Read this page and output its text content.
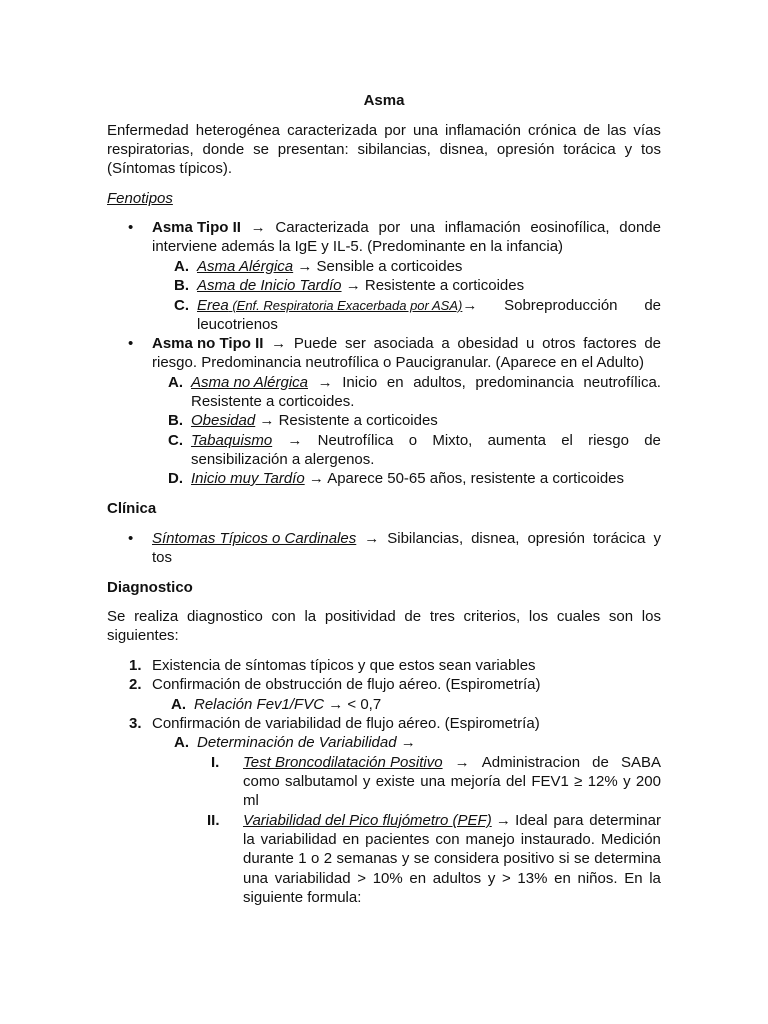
Asma
Enfermedad heterogénea caracterizada por una inflamación crónica de las vías
respiratorias, donde se presentan: sibilancias, disnea, opresión torácica y tos
(Síntomas típicos).
Fenotipos
• Asma Tipo II → Caracterizada por una inflamación eosinofílica, donde
interviene además la IgE y IL-5. (Predominante en la infancia)
A. Asma Alérgica → Sensible a corticoides
B. Asma de Inicio Tardío → Resistente a corticoides
C. Erea (Enf. Respiratoria Exacerbada por ASA)→ Sobreproducción de
leucotrienos
• Asma no Tipo II → Puede ser asociada a obesidad u otros factores de
riesgo. Predominancia neutrofílica o Paucigranular. (Aparece en el Adulto)
A. Asma no Alérgica → Inicio en adultos, predominancia neutrofílica.
Resistente a corticoides.
B. Obesidad → Resistente a corticoides
C. Tabaquismo → Neutrofílica o Mixto, aumenta el riesgo de
sensibilización a alergenos.
D. Inicio muy Tardío → Aparece 50-65 años, resistente a corticoides
Clínica
• Síntomas Típicos o Cardinales → Sibilancias, disnea, opresión torácica y
tos
Diagnostico
Se realiza diagnostico con la positividad de tres criterios, los cuales son los
siguientes:
1. Existencia de síntomas típicos y que estos sean variables
2. Confirmación de obstrucción de flujo aéreo. (Espirometría)
A. Relación Fev1/FVC → < 0,7
3. Confirmación de variabilidad de flujo aéreo. (Espirometría)
A. Determinación de Variabilidad →
I. Test Broncodilatación Positivo → Administracion de SABA
como salbutamol y existe una mejoría del FEV1 ≥ 12% y 200
ml
II. Variabilidad del Pico flujómetro (PEF) → Ideal para determinar
la variabilidad en pacientes con manejo instaurado. Medición
durante 1 o 2 semanas y se considera positivo si se determina
una variabilidad > 10% en adultos y > 13% en niños. En la
siguiente formula:
